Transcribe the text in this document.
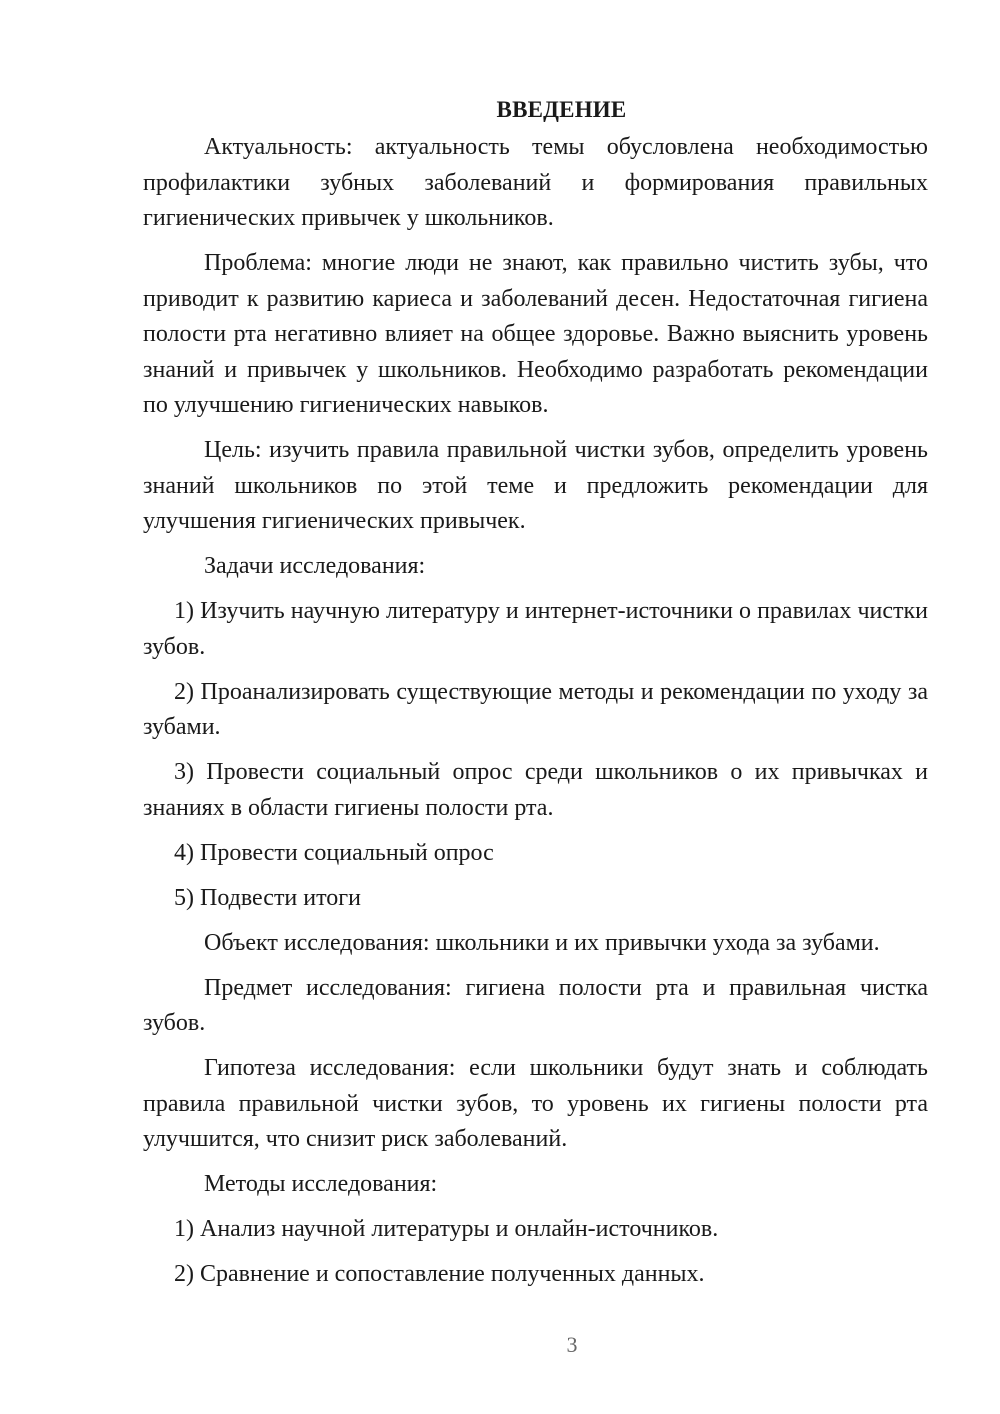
ВВЕДЕНИЕ

Актуальность: актуальность темы обусловлена необходимостью профилактики зубных заболеваний и формирования правильных гигиенических привычек у школьников.

Проблема: многие люди не знают, как правильно чистить зубы, что приводит к развитию кариеса и заболеваний десен. Недостаточная гигиена полости рта негативно влияет на общее здоровье. Важно выяснить уровень знаний и привычек у школьников. Необходимо разработать рекомендации по улучшению гигиенических навыков.

Цель: изучить правила правильной чистки зубов, определить уровень знаний школьников по этой теме и предложить рекомендации для улучшения гигиенических привычек.

Задачи исследования:

1) Изучить научную литературу и интернет-источники о правилах чистки зубов.

2) Проанализировать существующие методы и рекомендации по уходу за зубами.

3) Провести социальный опрос среди школьников о их привычках и знаниях в области гигиены полости рта.

4) Провести социальный опрос

5) Подвести итоги

Объект исследования: школьники и их привычки ухода за зубами.

Предмет исследования: гигиена полости рта и правильная чистка зубов.

Гипотеза исследования: если школьники будут знать и соблюдать правила правильной чистки зубов, то уровень их гигиены полости рта улучшится, что снизит риск заболеваний.

Методы исследования:

1) Анализ научной литературы и онлайн-источников.

2) Сравнение и сопоставление полученных данных.

3
